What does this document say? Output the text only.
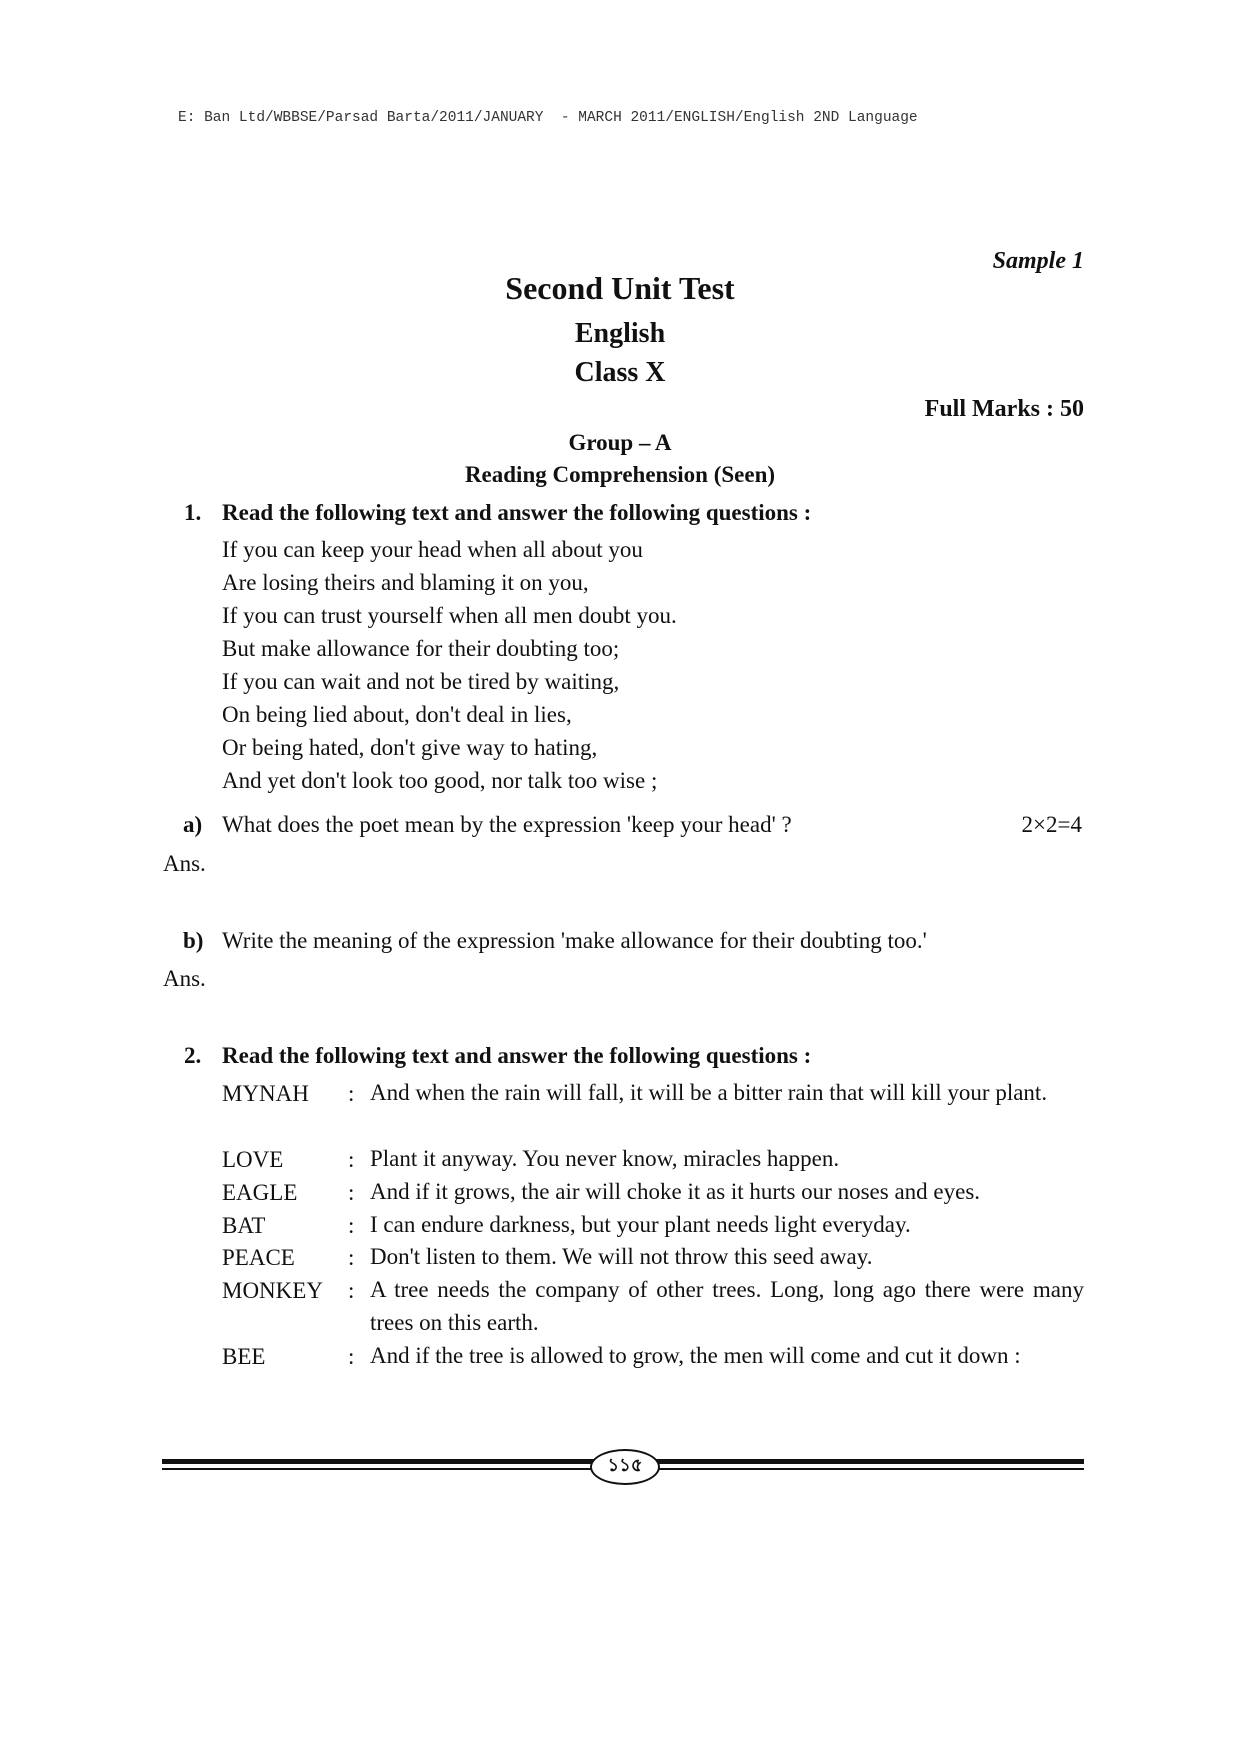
E: Ban Ltd/WBBSE/Parsad Barta/2011/JANUARY  - MARCH 2011/ENGLISH/English 2ND Language
Sample 1
Second Unit Test
English
Class X
Full Marks : 50
Group – A
Reading Comprehension (Seen)
1. Read the following text and answer the following questions :
If you can keep your head when all about you
Are losing theirs and blaming it on you,
If you can trust yourself when all men doubt you.
But make allowance for their doubting too;
If you can wait and not be tired by waiting,
On being lied about, don't deal in lies,
Or being hated, don't give way to hating,
And yet don't look too good, nor talk too wise ;
a) What does the poet mean by the expression 'keep your head' ?	2×2=4
Ans.
b) Write the meaning of the expression 'make allowance for their doubting too.'
Ans.
2. Read the following text and answer the following questions :
MYNAH : And when the rain will fall, it will be a bitter rain that will kill your plant.
LOVE	: Plant it anyway. You never know, miracles happen.
EAGLE : And if it grows, the air will choke it as it hurts our noses and eyes.
BAT	: I can endure darkness, but your plant needs light everyday.
PEACE : Don't listen to them. We will not throw this seed away.
MONKEY : A tree needs the company of other trees. Long, long ago there were many trees on this earth.
BEE	: And if the tree is allowed to grow, the men will come and cut it down :
১১৫
